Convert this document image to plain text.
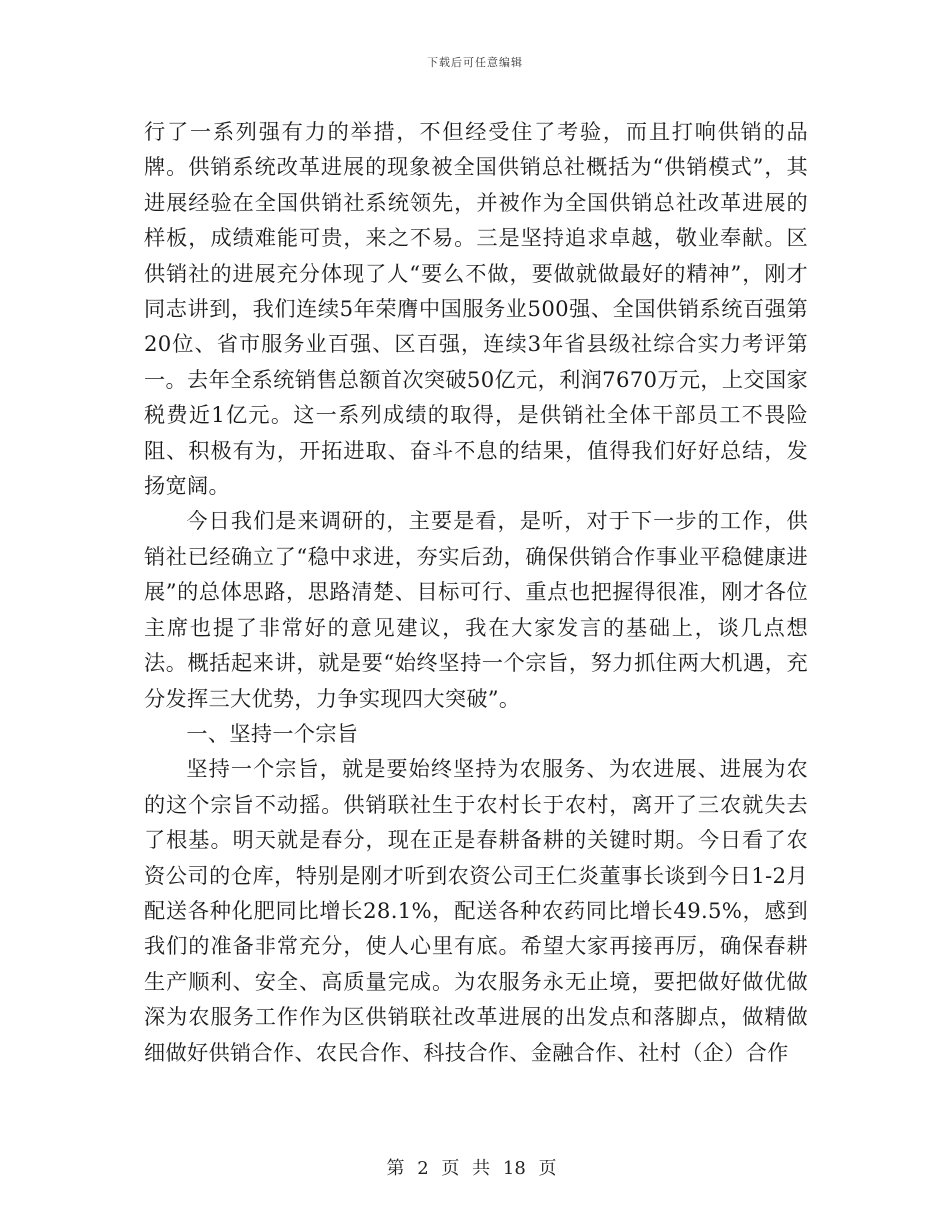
下载后可任意编辑

行了一系列强有力的举措，不但经受住了考验，而且打响供销的品牌。供销系统改革进展的现象被全国供销总社概括为“供销模式”，其进展经验在全国供销社系统领先，并被作为全国供销总社改革进展的样板，成绩难能可贵，来之不易。三是坚持追求卓越，敬业奉献。区供销社的进展充分体现了人“要么不做，要做就做最好的精神”，刚才同志讲到，我们连续5年荣膺中国服务业500强、全国供销系统百强第20位、省市服务业百强、区百强，连续3年省县级社综合实力考评第一。去年全系统销售总额首次突破50亿元，利润7670万元，上交国家税费近1亿元。这一系列成绩的取得，是供销社全体干部员工不畏险阻、积极有为，开拓进取、奋斗不息的结果，值得我们好好总结，发扬宽阔。

今日我们是来调研的，主要是看，是听，对于下一步的工作，供销社已经确立了“稳中求进，夯实后劲，确保供销合作事业平稳健康进展”的总体思路，思路清楚、目标可行、重点也把握得很准，刚才各位主席也提了非常好的意见建议，我在大家发言的基础上，谈几点想法。概括起来讲，就是要“始终坚持一个宗旨，努力抓住两大机遇，充分发挥三大优势，力争实现四大突破”。

一、坚持一个宗旨

坚持一个宗旨，就是要始终坚持为农服务、为农进展、进展为农的这个宗旨不动摇。供销联社生于农村长于农村，离开了三农就失去了根基。明天就是春分，现在正是春耕备耕的关键时期。今日看了农资公司的仓库，特别是刚才听到农资公司王仁炎董事长谈到今日1-2月配送各种化肥同比增长28.1%，配送各种农药同比增长49.5%，感到我们的准备非常充分，使人心里有底。希望大家再接再厉，确保春耕生产顺利、安全、高质量完成。为农服务永无止境，要把做好做优做深为农服务工作作为区供销联社改革进展的出发点和落脚点，做精做细做好供销合作、农民合作、科技合作、金融合作、社村（企）合作

第 2 页 共 18 页
